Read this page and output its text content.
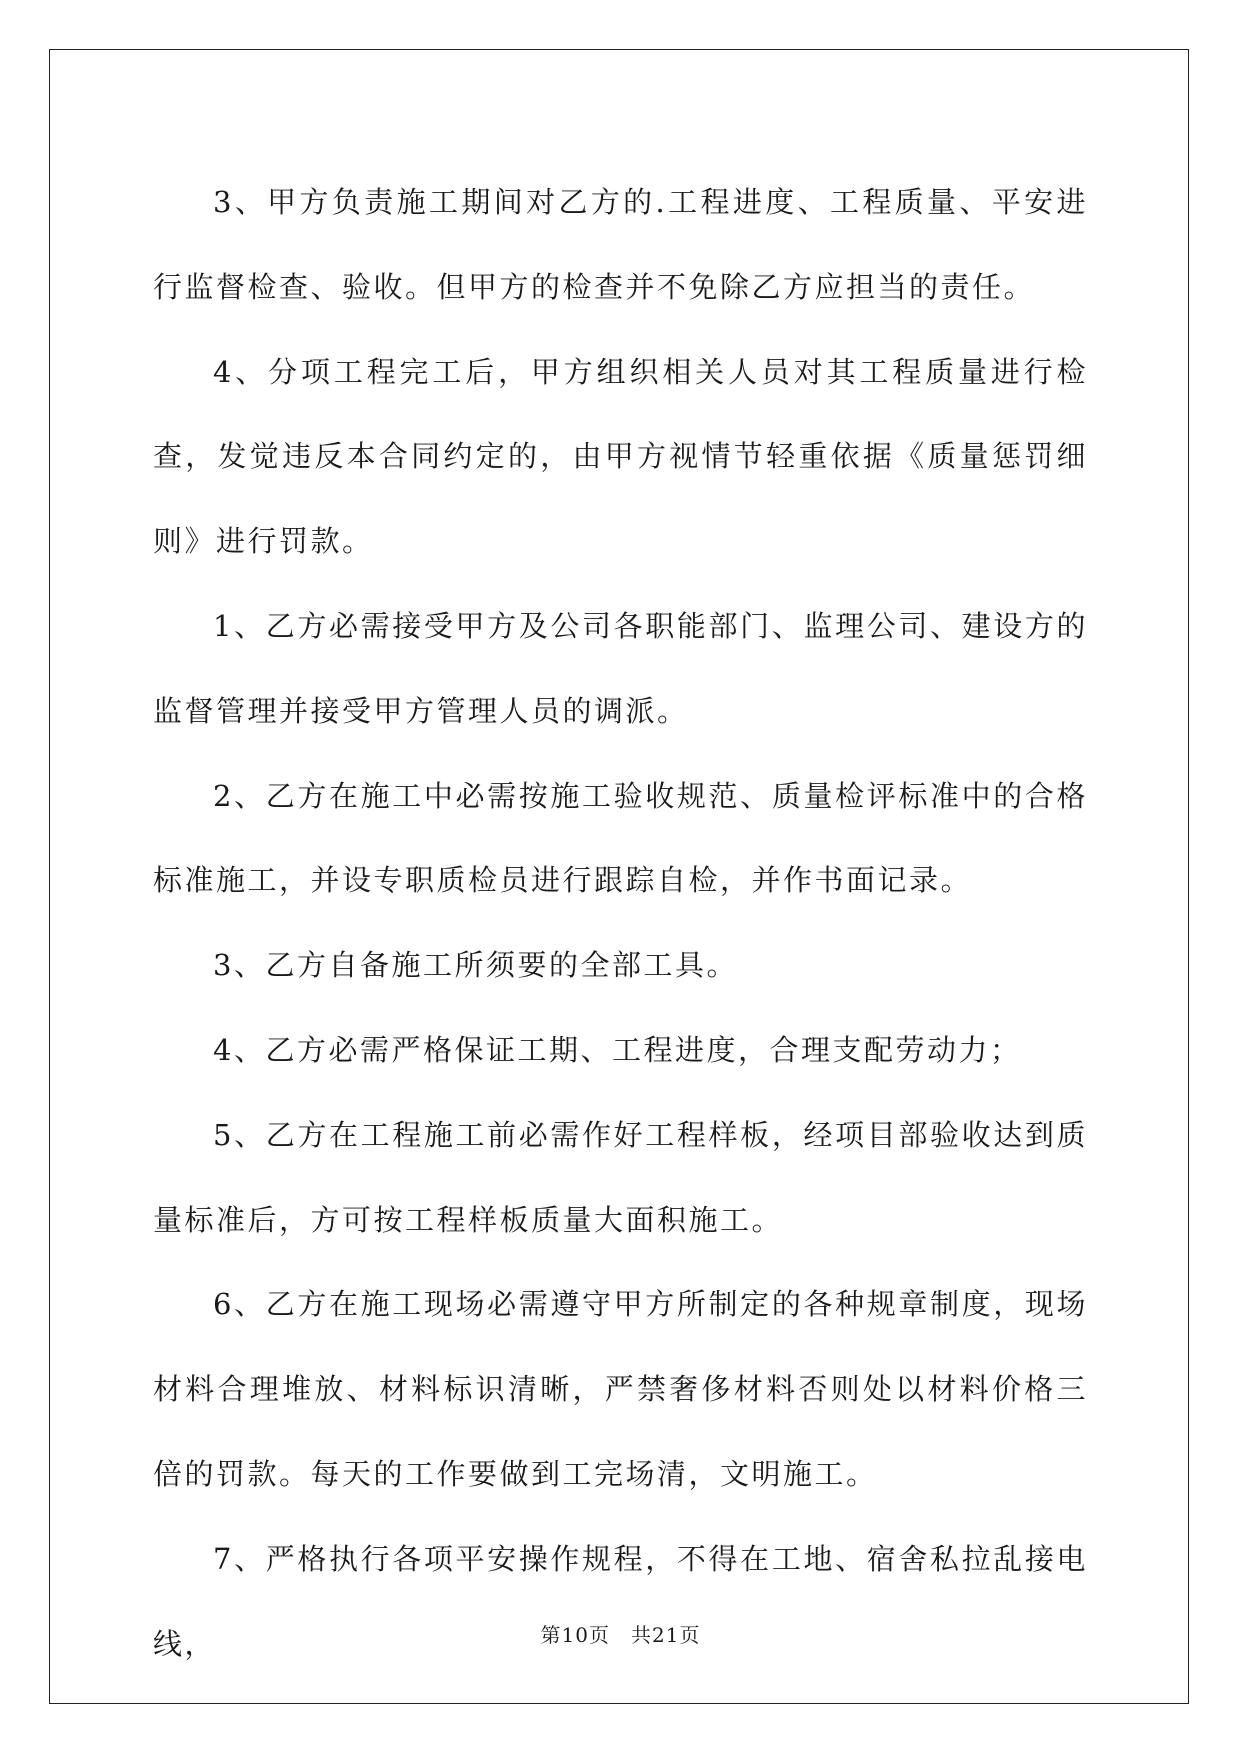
3、甲方负责施工期间对乙方的.工程进度、工程质量、平安进行监督检查、验收。但甲方的检查并不免除乙方应担当的责任。

4、分项工程完工后，甲方组织相关人员对其工程质量进行检查，发觉违反本合同约定的，由甲方视情节轻重依据《质量惩罚细则》进行罚款。

1、乙方必需接受甲方及公司各职能部门、监理公司、建设方的监督管理并接受甲方管理人员的调派。

2、乙方在施工中必需按施工验收规范、质量检评标准中的合格标准施工，并设专职质检员进行跟踪自检，并作书面记录。

3、乙方自备施工所须要的全部工具。

4、乙方必需严格保证工期、工程进度，合理支配劳动力；

5、乙方在工程施工前必需作好工程样板，经项目部验收达到质量标准后，方可按工程样板质量大面积施工。

6、乙方在施工现场必需遵守甲方所制定的各种规章制度，现场材料合理堆放、材料标识清晰，严禁奢侈材料否则处以材料价格三倍的罚款。每天的工作要做到工完场清，文明施工。

7、严格执行各项平安操作规程，不得在工地、宿舍私拉乱接电线，	第10页　共21页
